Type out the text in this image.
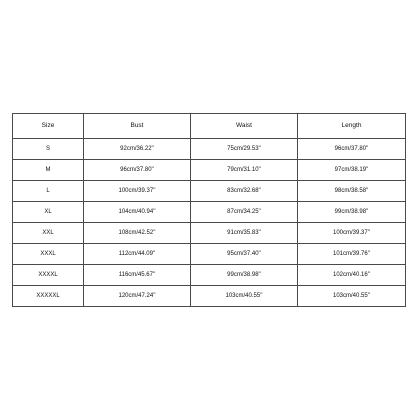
Size	Bust	Waist	Length
S	92cm/36.22''	75cm/29.53''	96cm/37.80''
M	96cm/37.80''	79cm/31.10''	97cm/38.19''
L	100cm/39.37''	83cm/32.68''	98cm/38.58''
XL	104cm/40.94''	87cm/34.25''	99cm/38.98''
XXL	108cm/42.52''	91cm/35.83''	100cm/39.37''
XXXL	112cm/44.09''	95cm/37.40''	101cm/39.76''
XXXXL	116cm/45.67''	99cm/38.98''	102cm/40.16''
XXXXXL	120cm/47.24''	103cm/40.55''	103cm/40.55''
